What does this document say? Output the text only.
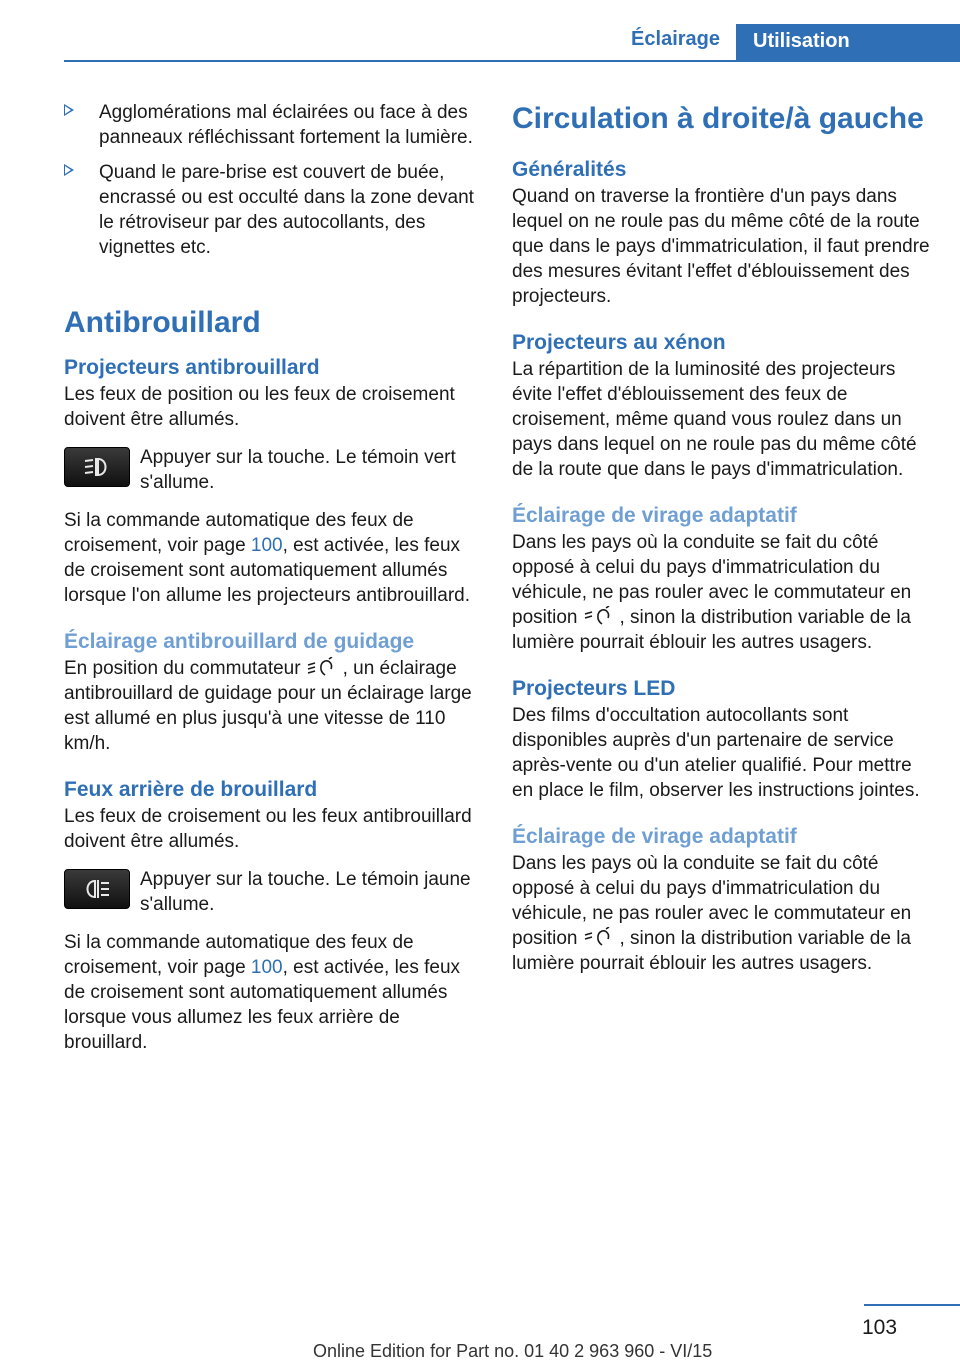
Éclairage Utilisation
Agglomérations mal éclairées ou face à des panneaux réfléchissant fortement la lumière.
Quand le pare-brise est couvert de buée, encrassé ou est occulté dans la zone devant le rétroviseur par des autocollants, des vignettes etc.
Antibrouillard
Projecteurs antibrouillard

Les feux de position ou les feux de croisement doivent être allumés.

Appuyer sur la touche. Le témoin vert s'allume.

Si la commande automatique des feux de croisement, voir page 100, est activée, les feux de croisement sont automatiquement allumés lorsque l'on allume les projecteurs antibrouillard.

Éclairage antibrouillard de guidage

En position du commutateur , un éclairage antibrouillard de guidage pour un éclairage large est allumé en plus jusqu'à une vitesse de 110 km/h.

Feux arrière de brouillard

Les feux de croisement ou les feux antibrouillard doivent être allumés.

Appuyer sur la touche. Le témoin jaune s'allume.

Si la commande automatique des feux de croisement, voir page 100, est activée, les feux de croisement sont automatiquement allumés lorsque vous allumez les feux arrière de brouillard.

Circulation à droite/à gauche
Généralités

Quand on traverse la frontière d'un pays dans lequel on ne roule pas du même côté de la route que dans le pays d'immatriculation, il faut prendre des mesures évitant l'effet d'éblouissement des projecteurs.

Projecteurs au xénon

La répartition de la luminosité des projecteurs évite l'effet d'éblouissement des feux de croisement, même quand vous roulez dans un pays dans lequel on ne roule pas du même côté de la route que dans le pays d'immatriculation.

Éclairage de virage adaptatif

Dans les pays où la conduite se fait du côté opposé à celui du pays d'immatriculation du véhicule, ne pas rouler avec le commutateur en position , sinon la distribution variable de la lumière pourrait éblouir les autres usagers.

Projecteurs LED

Des films d'occultation autocollants sont disponibles auprès d'un partenaire de service après-vente ou d'un atelier qualifié. Pour mettre en place le film, observer les instructions jointes.

Éclairage de virage adaptatif

Dans les pays où la conduite se fait du côté opposé à celui du pays d'immatriculation du véhicule, ne pas rouler avec le commutateur en position , sinon la distribution variable de la lumière pourrait éblouir les autres usagers.

103
Online Edition for Part no. 01 40 2 963 960 - VI/15
